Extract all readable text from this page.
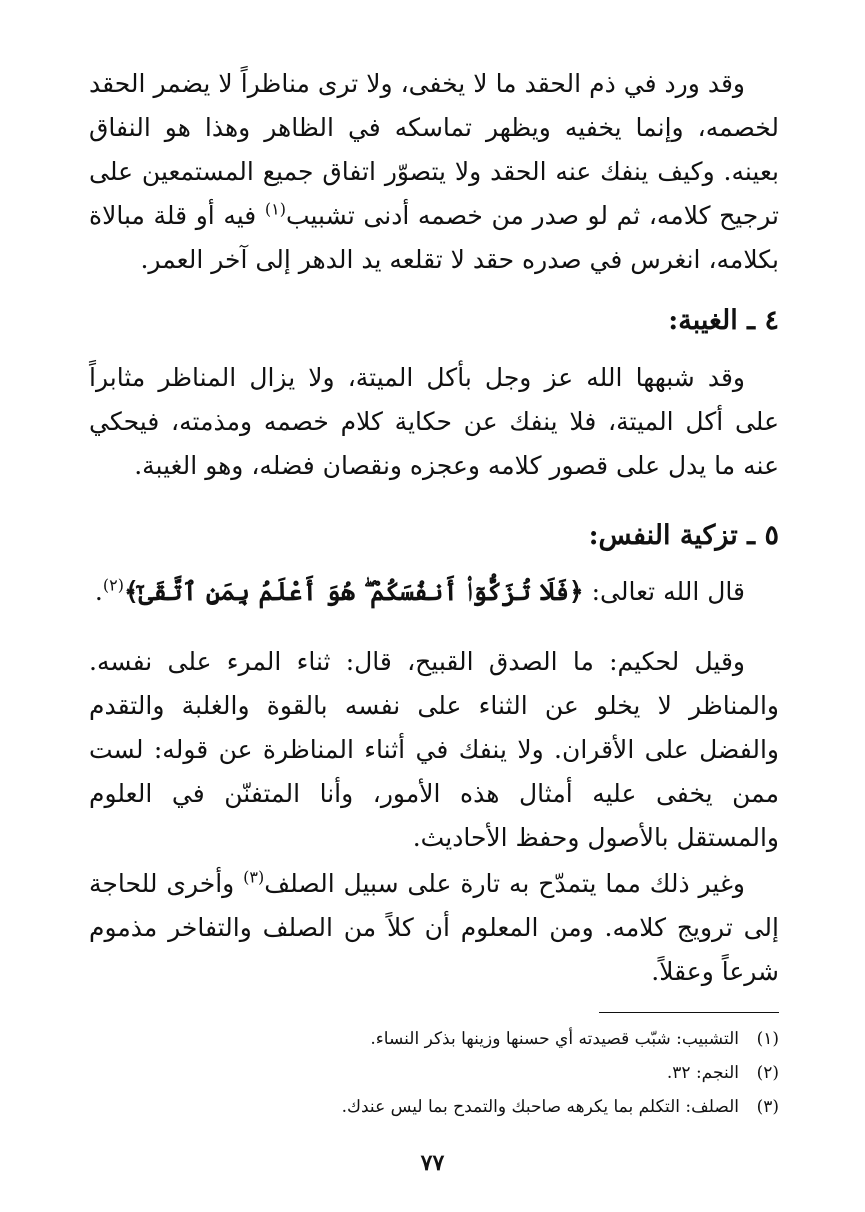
وقد ورد في ذم الحقد ما لا يخفى، ولا ترى مناظراً لا يضمر الحقد لخصمه، وإنما يخفيه ويظهر تماسكه في الظاهر وهذا هو النفاق بعينه. وكيف ينفك عنه الحقد ولا يتصوّر اتفاق جميع المستمعين على ترجيح كلامه، ثم لو صدر من خصمه أدنى تشبيب$^{(١)}$ فيه أو قلة مبالاة بكلامه، انغرس في صدره حقد لا تقلعه يد الدهر إلى آخر العمر.

٤ ـ الغيبة:

وقد شبهها الله عز وجل بأكل الميتة، ولا يزال المناظر مثابراً على أكل الميتة، فلا ينفك عن حكاية كلام خصمه ومذمته، فيحكي عنه ما يدل على قصور كلامه وعجزه ونقصان فضله، وهو الغيبة.

٥ ـ تزكية النفس:

قال الله تعالى: ﴿فَلَا تُزَكُّوٓا۟ أَنفُسَكُمْ ۖ هُوَ أَعْلَمُ بِمَنِ ٱتَّقَىٰٓ﴾$^{(٢)}$.

وقيل لحكيم: ما الصدق القبيح، قال: ثناء المرء على نفسه. والمناظر لا يخلو عن الثناء على نفسه بالقوة والغلبة والتقدم والفضل على الأقران. ولا ينفك في أثناء المناظرة عن قوله: لست ممن يخفى عليه أمثال هذه الأمور، وأنا المتفنّن في العلوم والمستقل بالأصول وحفظ الأحاديث.

وغير ذلك مما يتمدّح به تارة على سبيل الصلف$^{(٣)}$ وأخرى للحاجة إلى ترويج كلامه. ومن المعلوم أن كلاً من الصلف والتفاخر مذموم شرعاً وعقلاً.

(١)
التشبيب: شبّب قصيدته أي حسنها وزينها بذكر النساء.
(٢)
النجم: ٣٢.
(٣)
الصلف: التكلم بما يكرهه صاحبك والتمدح بما ليس عندك.
٧٧
